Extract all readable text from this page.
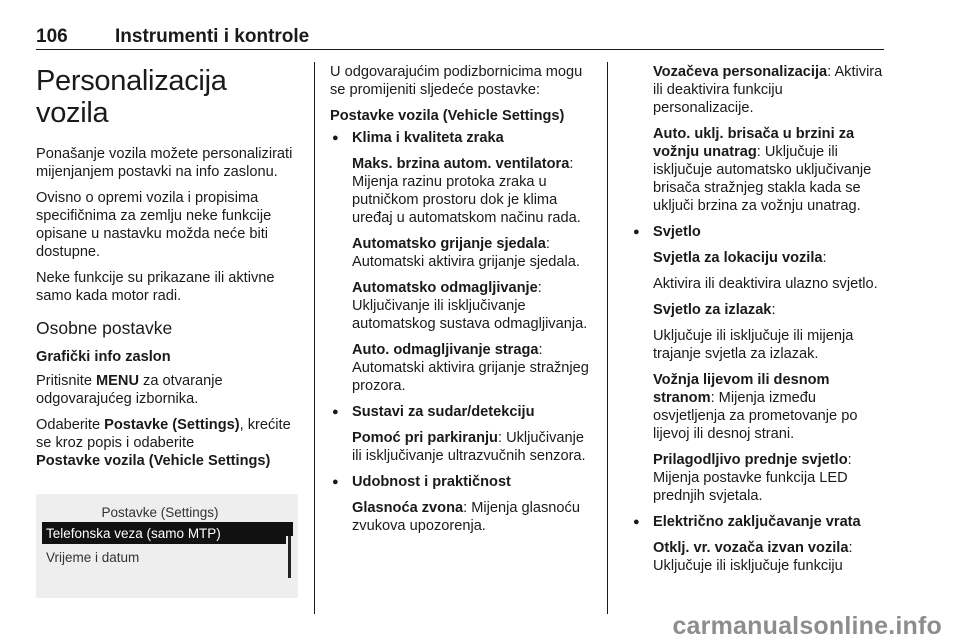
106 Instrumenti i kontrole
Personalizacija vozila

Ponašanje vozila možete personalizirati mijenjanjem postavki na info zaslonu.

Ovisno o opremi vozila i propisima specifičnima za zemlju neke funkcije opisane u nastavku možda neće biti dostupne.

Neke funkcije su prikazane ili aktivne samo kada motor radi.

Osobne postavke
Grafički info zaslon

Pritisnite MENU za otvaranje odgovarajućeg izbornika.

Odaberite Postavke (Settings), krećite se kroz popis i odaberite
Postavke vozila (Vehicle Settings)

Postavke (Settings)
Telefonska veza (samo MTP)
Vrijeme i datum

U odgovarajućim podizbornicima mogu se promijeniti sljedeće postavke:

Postavke vozila (Vehicle Settings)
● Klima i kvaliteta zraka

Maks. brzina autom. ventilatora: Mijenja razinu protoka zraka u putničkom prostoru dok je klima uređaj u automatskom načinu rada.

Automatsko grijanje sjedala: Automatski aktivira grijanje sjedala.

Automatsko odmagljivanje: Uključivanje ili isključivanje automatskog sustava odmagljivanja.

Auto. odmagljivanje straga: Automatski aktivira grijanje stražnjeg prozora.

● Sustavi za sudar/detekciju

Pomoć pri parkiranju: Uključivanje ili isključivanje ultrazvučnih senzora.

● Udobnost i praktičnost

Glasnoća zvona: Mijenja glasnoću zvukova upozorenja.

Vozačeva personalizacija: Aktivira ili deaktivira funkciju personalizacije.

Auto. uklj. brisača u brzini za vožnju unatrag: Uključuje ili isključuje automatsko uključivanje brisača stražnjeg stakla kada se uključi brzina za vožnju unatrag.

● Svjetlo

Svjetla za lokaciju vozila:

Aktivira ili deaktivira ulazno svjetlo.

Svjetlo za izlazak:

Uključuje ili isključuje ili mijenja trajanje svjetla za izlazak.

Vožnja lijevom ili desnom stranom: Mijenja između osvjetljenja za prometovanje po lijevoj ili desnoj strani.

Prilagodljivo prednje svjetlo: Mijenja postavke funkcija LED prednjih svjetala.

● Električno zaključavanje vrata

Otklj. vr. vozača izvan vozila: Uključuje ili isključuje funkciju

carmanualsonline.info
